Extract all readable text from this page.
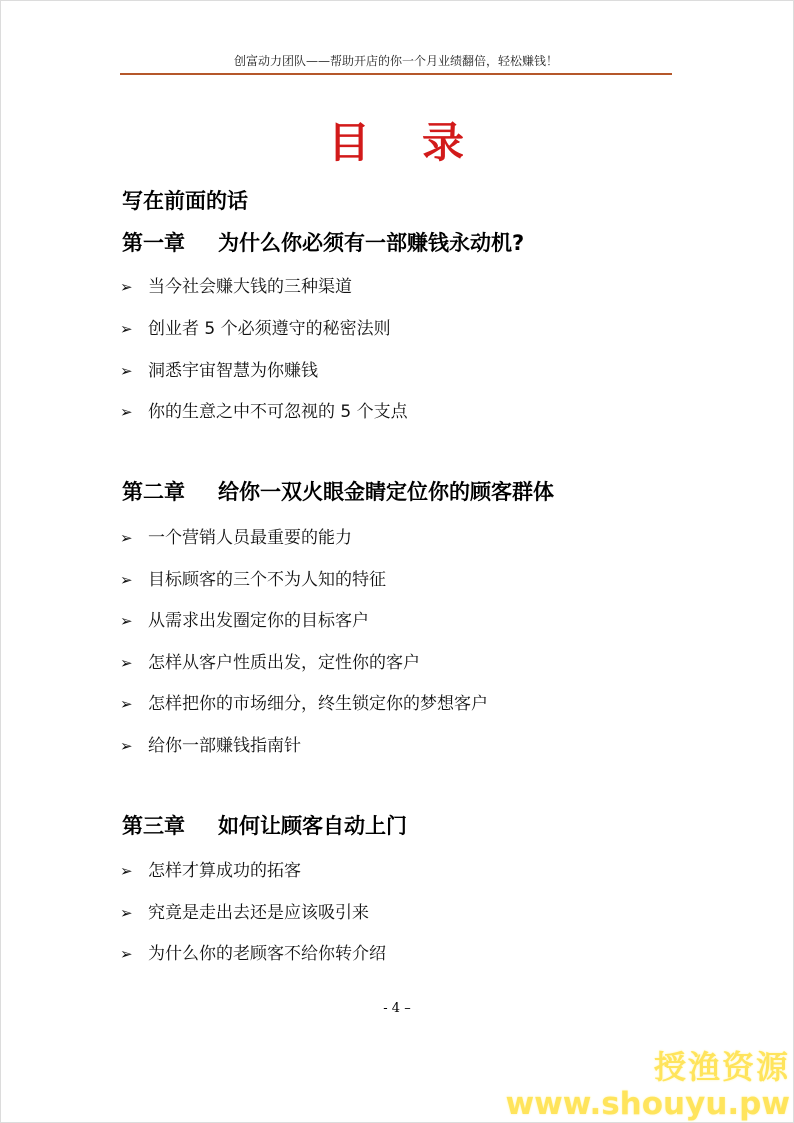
创富动力团队——帮助开店的你一个月业绩翻倍，轻松赚钱！
目 录
写在前面的话
第一章 为什么你必须有一部赚钱永动机?
➢ 当今社会赚大钱的三种渠道
➢ 创业者 5 个必须遵守的秘密法则
➢ 洞悉宇宙智慧为你赚钱
➢ 你的生意之中不可忽视的 5 个支点
第二章 给你一双火眼金睛定位你的顾客群体
➢ 一个营销人员最重要的能力
➢ 目标顾客的三个不为人知的特征
➢ 从需求出发圈定你的目标客户
➢ 怎样从客户性质出发，定性你的客户
➢ 怎样把你的市场细分，终生锁定你的梦想客户
➢ 给你一部赚钱指南针
第三章 如何让顾客自动上门
➢ 怎样才算成功的拓客
➢ 究竟是走出去还是应该吸引来
➢ 为什么你的老顾客不给你转介绍
- 4 –
授渔资源
www.shouyu.pw
